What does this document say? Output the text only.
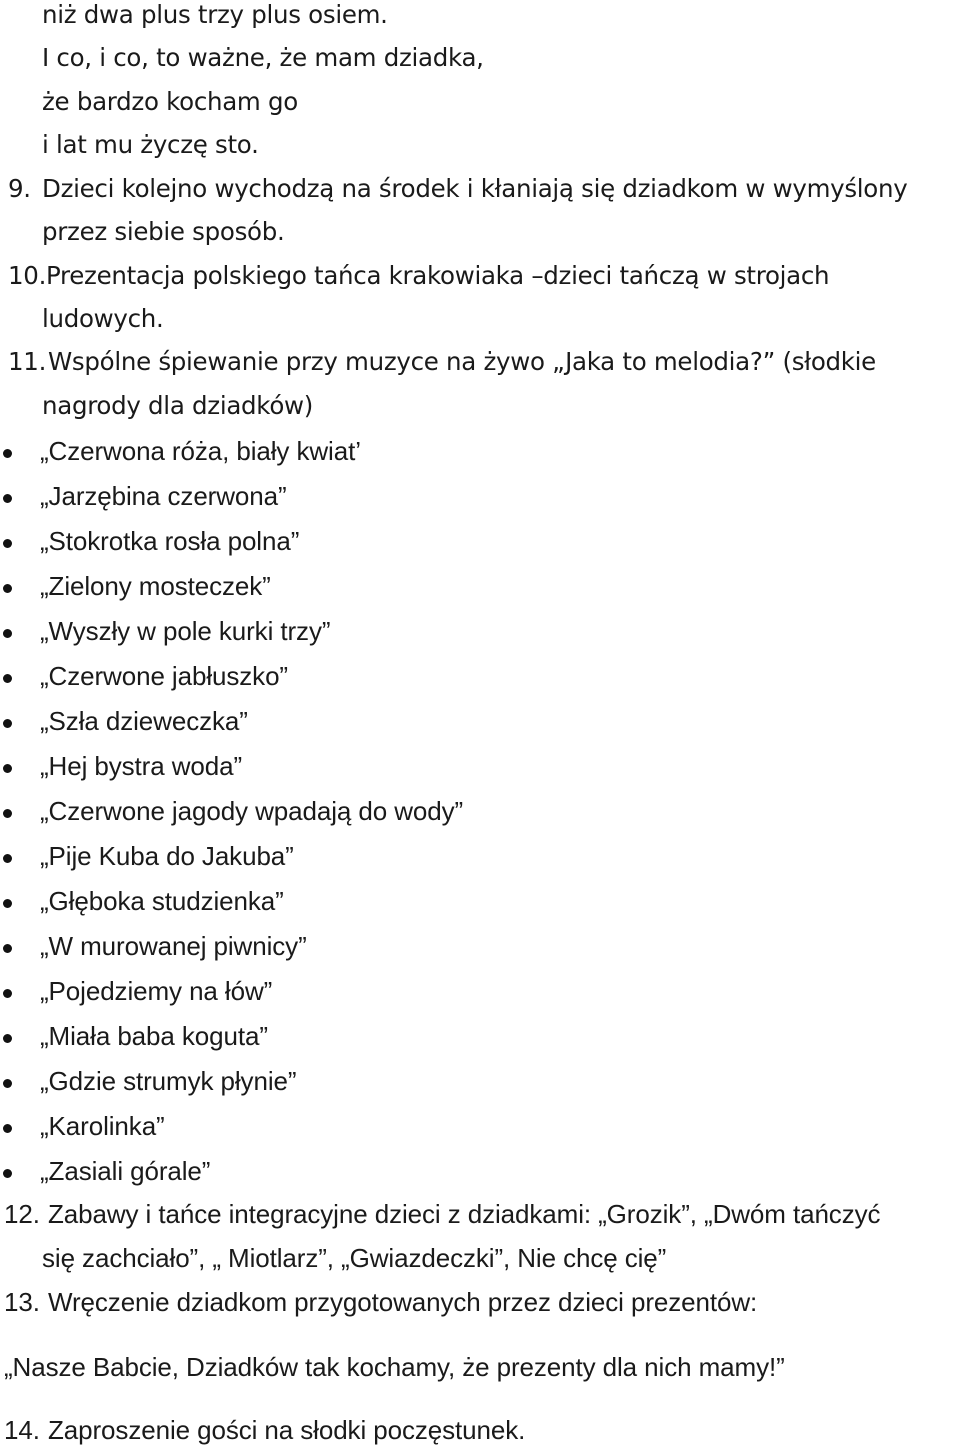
niż dwa plus trzy plus osiem.

I co, i co, to ważne, że mam dziadka,

że bardzo kocham go

i lat mu życzę sto.

9. Dzieci kolejno wychodzą na środek i kłaniają się dziadkom w wymyślony

przez siebie sposób.

10. Prezentacja polskiego tańca krakowiaka –dzieci tańczą w strojach

ludowych.

11. Wspólne śpiewanie przy muzyce na żywo „Jaka to melodia?” (słodkie

nagrody dla dziadków)

„Czerwona róża, biały kwiat’

„Jarzębina czerwona”

„Stokrotka rosła polna”

„Zielony mosteczek”

„Wyszły w pole kurki trzy”

„Czerwone jabłuszko”

„Szła dzieweczka”

„Hej bystra woda”

„Czerwone jagody wpadają do wody”

„Pije Kuba do Jakuba”

„Głęboka studzienka”

„W murowanej piwnicy”

„Pojedziemy na łów”

„Miała baba koguta”

„Gdzie strumyk płynie”

„Karolinka”

„Zasiali górale”

12. Zabawy i tańce integracyjne dzieci z dziadkami: „Grozik”, „Dwóm tańczyć

się zachciało”, „ Miotlarz”, „Gwiazdeczki”, Nie chcę cię”

13. Wręczenie dziadkom przygotowanych przez dzieci prezentów:

„Nasze Babcie, Dziadków tak kochamy, że prezenty dla nich mamy!”

14. Zaproszenie gości na słodki poczęstunek.
